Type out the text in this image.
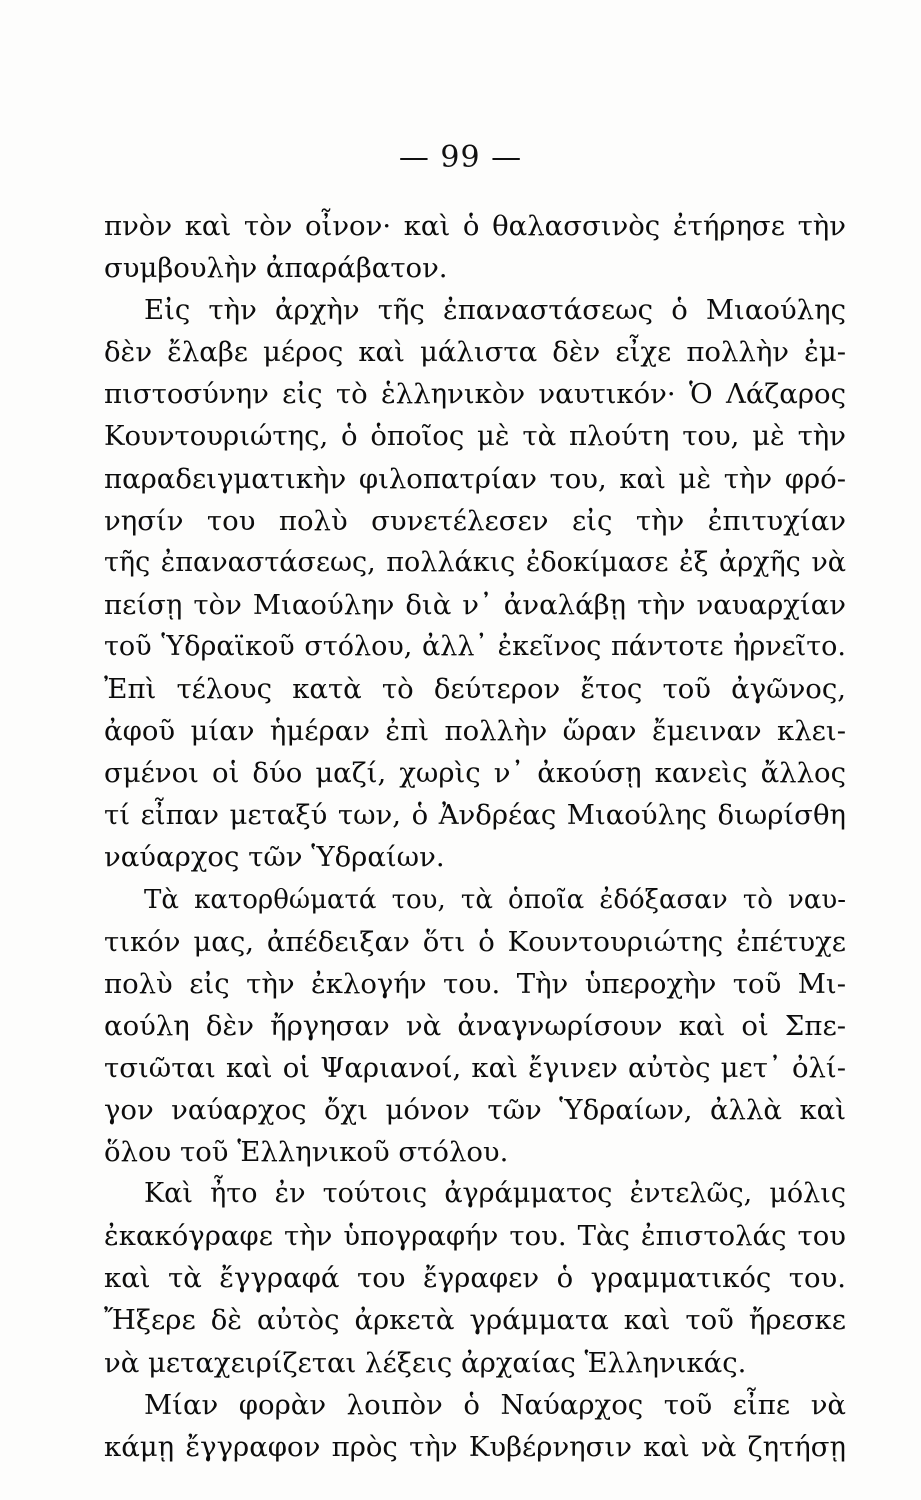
— 99 —
πνὸν καὶ τὸν οἶνον· καὶ ὁ θαλασσινὸς ἐτήρησε τὴν
συμβουλὴν ἀπαράβατον.
Εἰς τὴν ἀρχὴν τῆς ἐπαναστάσεως ὁ Μιαούλης
δὲν ἔλαβε μέρος καὶ μάλιστα δὲν εἶχε πολλὴν ἐμ-
πιστοσύνην εἰς τὸ ἑλληνικὸν ναυτικόν· Ὁ Λάζαρος
Κουντουριώτης, ὁ ὁποῖος μὲ τὰ πλούτη του, μὲ τὴν
παραδειγματικὴν φιλοπατρίαν του, καὶ μὲ τὴν φρό-
νησίν του πολὺ συνετέλεσεν εἰς τὴν ἐπιτυχίαν
τῆς ἐπαναστάσεως, πολλάκις ἐδοκίμασε ἐξ ἀρχῆς νὰ
πείσῃ τὸν Μιαούλην διὰ ν᾿ ἀναλάβῃ τὴν ναυαρχίαν
τοῦ Ὑδραϊκοῦ στόλου, ἀλλ᾿ ἐκεῖνος πάντοτε ἠρνεῖτο.
Ἐπὶ τέλους κατὰ τὸ δεύτερον ἔτος τοῦ ἀγῶνος,
ἀφοῦ μίαν ἡμέραν ἐπὶ πολλὴν ὥραν ἔμειναν κλει-
σμένοι οἱ δύο μαζί, χωρὶς ν᾿ ἀκούσῃ κανεὶς ἄλλος
τί εἶπαν μεταξύ των, ὁ Ἀνδρέας Μιαούλης διωρίσθη
ναύαρχος τῶν Ὑδραίων.
Τὰ κατορθώματά του, τὰ ὁποῖα ἐδόξασαν τὸ ναυ-
τικόν μας, ἀπέδειξαν ὅτι ὁ Κουντουριώτης ἐπέτυχε
πολὺ εἰς τὴν ἐκλογήν του. Τὴν ὑπεροχὴν τοῦ Μι-
αούλη δὲν ἤργησαν νὰ ἀναγνωρίσουν καὶ οἱ Σπε-
τσιῶται καὶ οἱ Ψαριανοί, καὶ ἔγινεν αὐτὸς μετ᾿ ὀλί-
γον ναύαρχος ὄχι μόνον τῶν Ὑδραίων, ἀλλὰ καὶ
ὅλου τοῦ Ἑλληνικοῦ στόλου.
Καὶ ἦτο ἐν τούτοις ἀγράμματος ἐντελῶς, μόλις
ἐκακόγραφε τὴν ὑπογραφήν του. Τὰς ἐπιστολάς του
καὶ τὰ ἔγγραφά του ἔγραφεν ὁ γραμματικός του.
Ἤξερε δὲ αὐτὸς ἀρκετὰ γράμματα καὶ τοῦ ἤρεσκε
νὰ μεταχειρίζεται λέξεις ἀρχαίας Ἑλληνικάς.
Μίαν φορὰν λοιπὸν ὁ Ναύαρχος τοῦ εἶπε νὰ
κάμῃ ἔγγραφον πρὸς τὴν Κυβέρνησιν καὶ νὰ ζητήσῃ
